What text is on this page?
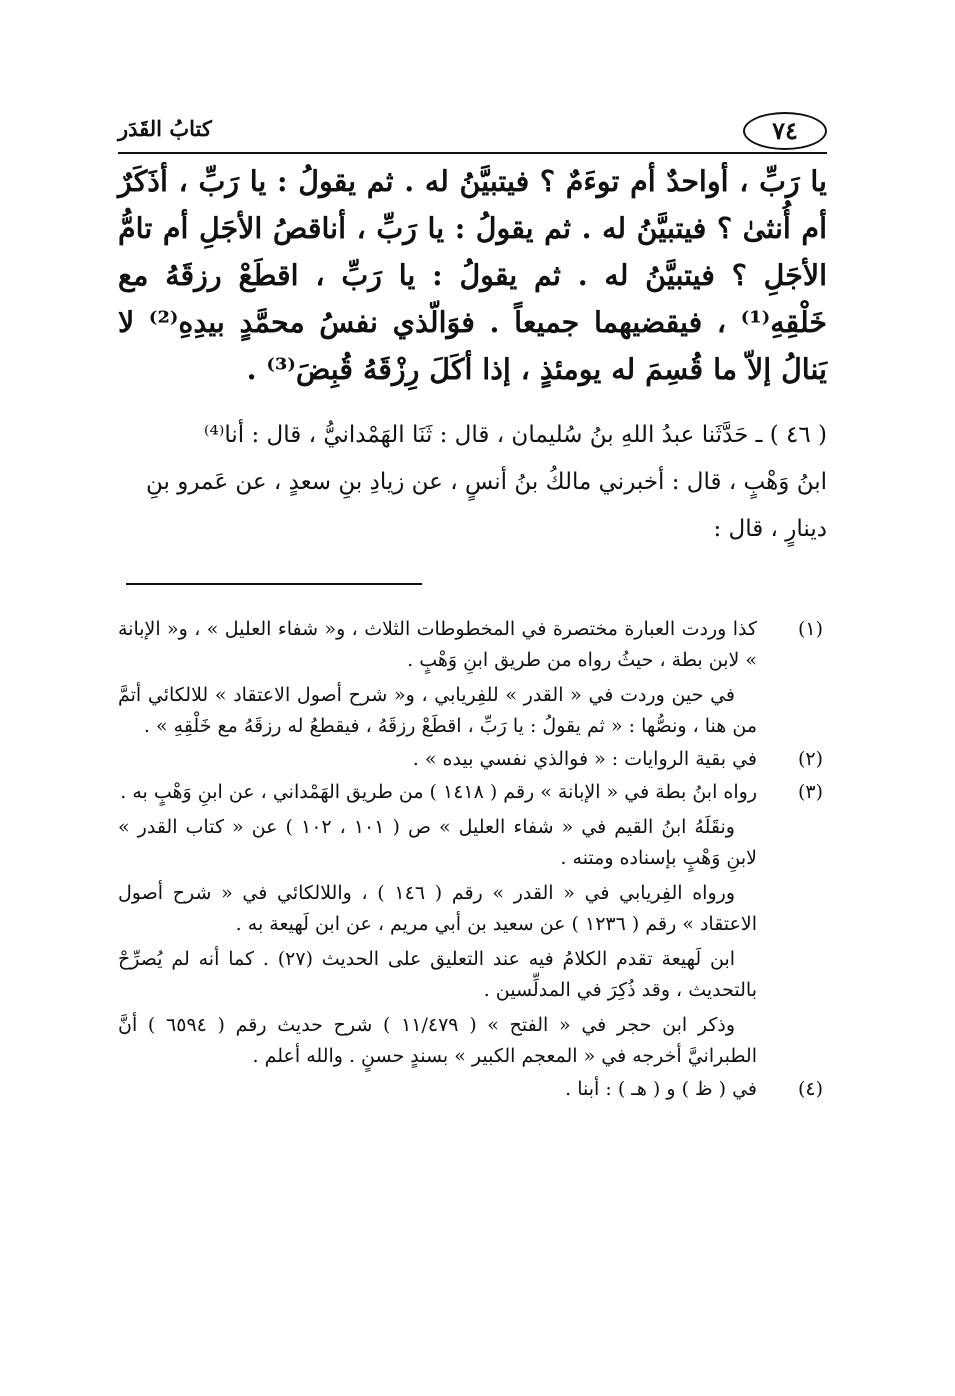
٧٤
كتابُ القَدَر

يا رَبِّ ، أواحدٌ أم توءَمٌ ؟ فيتبيَّنُ له . ثم يقولُ : يا رَبِّ ، أذَكَرٌ أم أُنثىٰ ؟ فيتبيَّنُ له . ثم يقولُ : يا رَبِّ ، أناقصُ الأجَلِ أم تامُّ الأجَلِ ؟ فيتبيَّنُ له . ثم يقولُ : يا رَبِّ ، اقطَعْ رزقَهُ مع خَلْقِهِ⁽¹⁾ ، فيقضيهما جميعاً . فوَالّذي نفسُ محمَّدٍ بيدِهِ⁽²⁾ لا يَنالُ إلاّ ما قُسِمَ له يومئذٍ ، إذا أكَلَ رِزْقَهُ قُبِضَ⁽³⁾ .

( ٤٦ ) ـ حَدَّثَنا عبدُ اللهِ بنُ سُليمان ، قال : ثَنَا الهَمْدانيُّ ، قال : أنا⁽⁴⁾
ابنُ وَهْبٍ ، قال : أخبرني مالكُ بنُ أنسٍ ، عن زيادِ بنِ سعدٍ ، عن عَمرو بنِ
دينارٍ ، قال :
(١)

كذا وردت العبارة مختصرة في المخطوطات الثلاث ، و« شفاء العليل » ، و« الإبانة » لابن بطة ، حيثُ رواه من طريق ابنِ وَهْبٍ .

في حين وردت في « القدر » للفِريابي ، و« شرح أصول الاعتقاد » للالكائي أتمَّ من هنا ، ونصُّها : « ثم يقولُ : يا رَبِّ ، اقطَعْ رزقَهُ ، فيقطعُ له رزقَهُ مع خَلْقِهِ » .

(٢)

في بقية الروايات : « فوالذي نفسي بيده » .

(٣)

رواه ابنُ بطة في « الإبانة » رقم ( ١٤١٨ ) من طريق الهَمْداني ، عن ابنِ وَهْبٍ به .

ونقَلَهُ ابنُ القيم في « شفاء العليل » ص ( ١٠١ ، ١٠٢ ) عن « كتاب القدر » لابنِ وَهْبٍ بإسناده ومتنه .

ورواه الفِريابي في « القدر » رقم ( ١٤٦ ) ، واللالكائي في « شرح أصول الاعتقاد » رقم ( ١٢٣٦ ) عن سعيد بن أبي مريم ، عن ابن لَهيعة به .

ابن لَهيعة تقدم الكلامُ فيه عند التعليق على الحديث (٢٧) . كما أنه لم يُصرِّحْ بالتحديث ، وقد ذُكِرَ في المدلِّسين .

وذكر ابن حجر في « الفتح » ( ١١/٤٧٩ ) شرح حديث رقم ( ٦٥٩٤ ) أنَّ الطبرانيَّ أخرجه في « المعجم الكبير » بسندٍ حسنٍ . والله أعلم .

(٤)

في ( ظ ) و ( هـ ) : أبنا .
